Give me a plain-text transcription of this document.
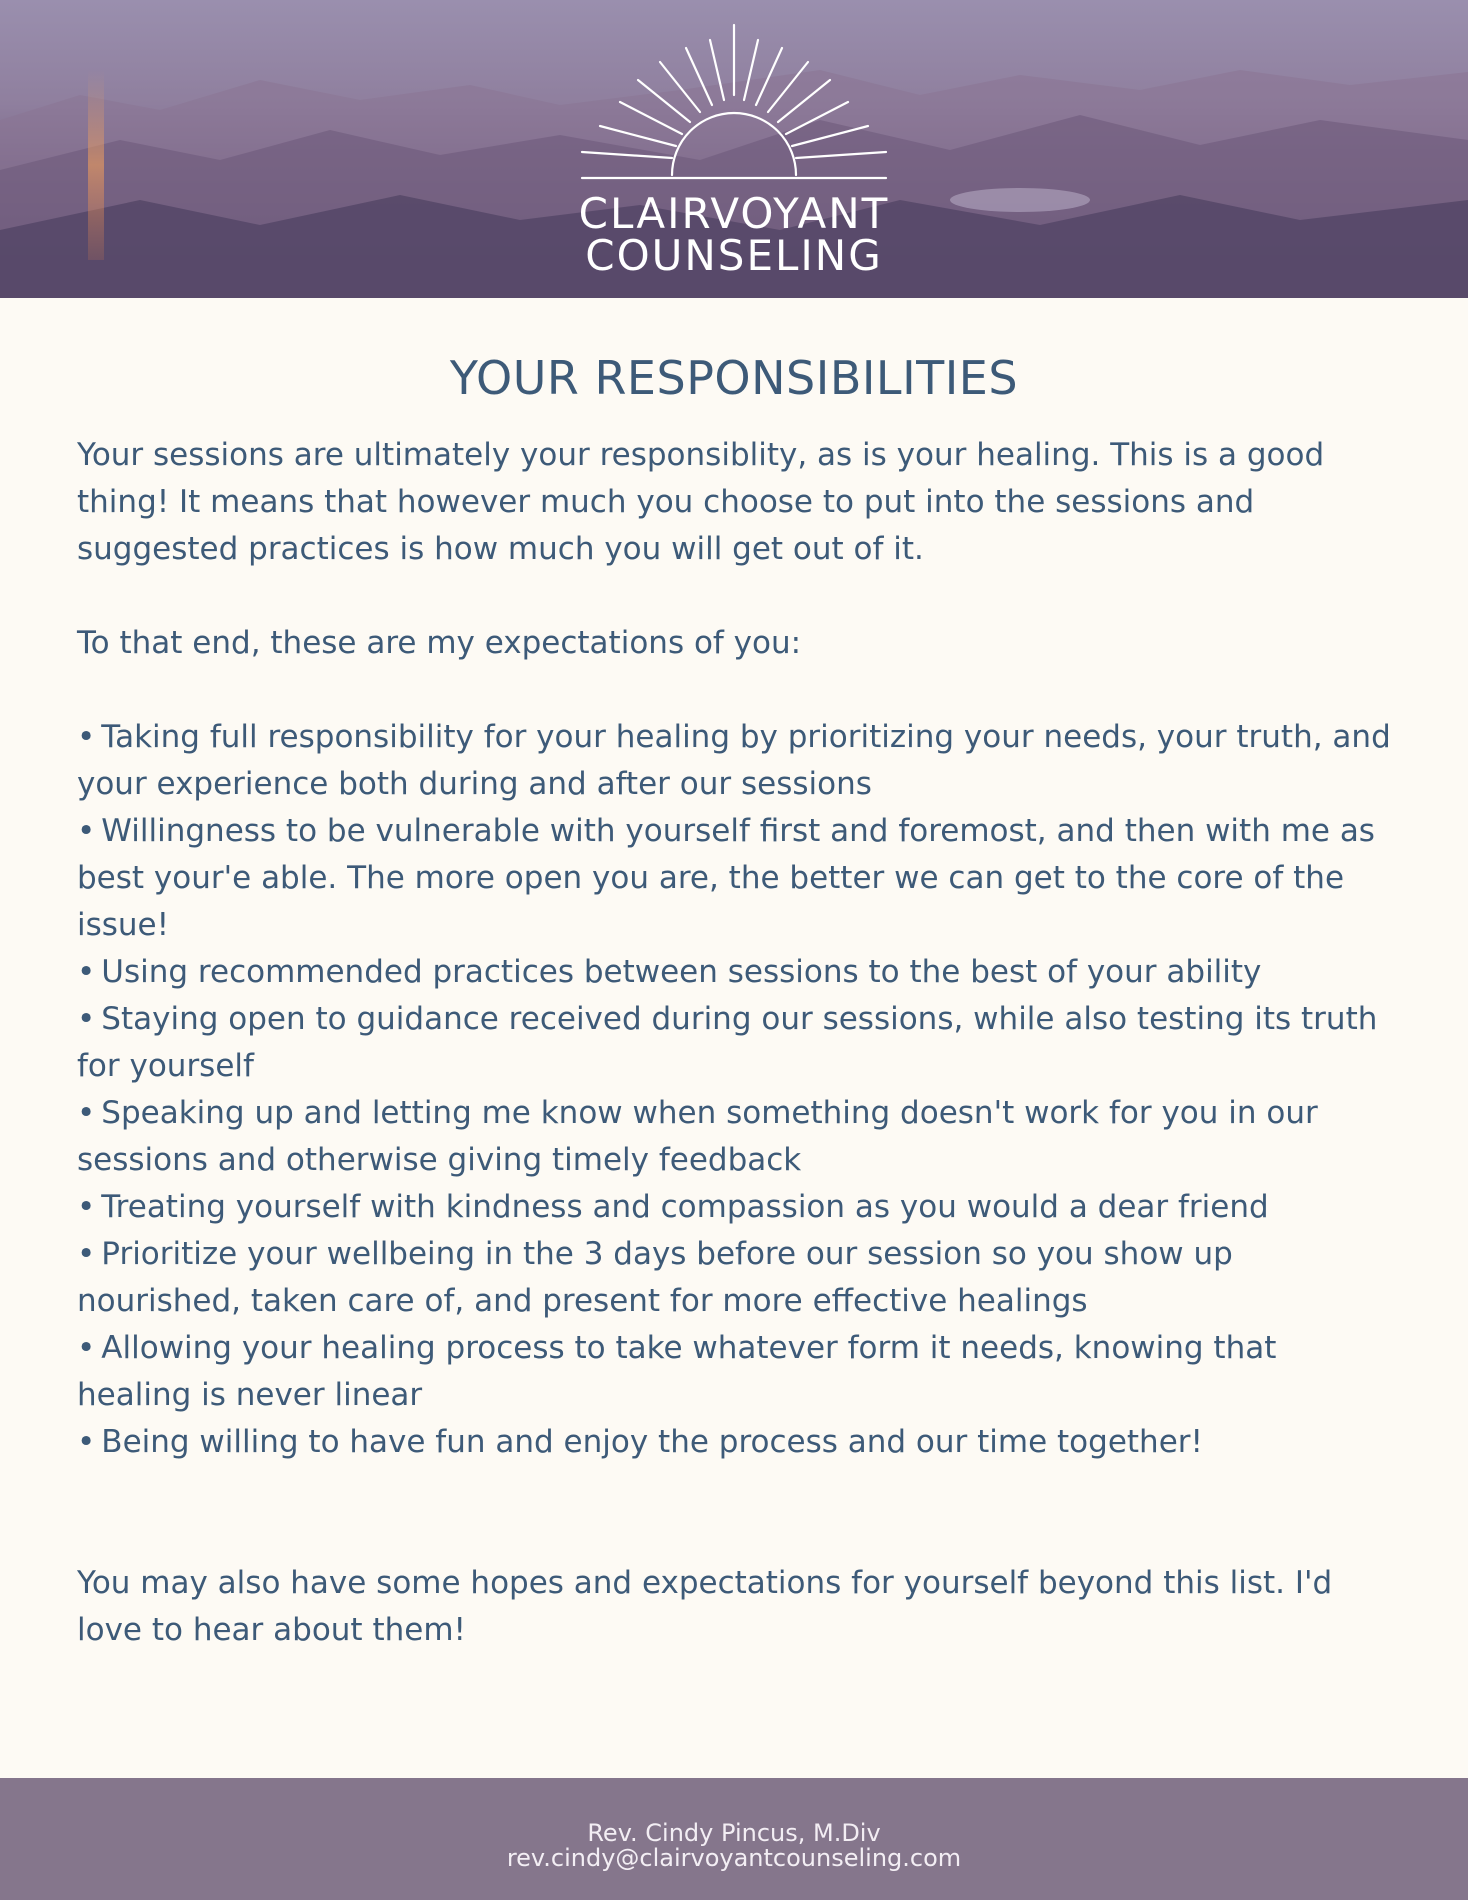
CLAIRVOYANT
COUNSELING
YOUR RESPONSIBILITIES

Your sessions are ultimately your responsiblity, as is your healing. This is a good thing! It means that however much you choose to put into the sessions and suggested practices is how much you will get out of it.

To that end, these are my expectations of you:

• Taking full responsibility for your healing by prioritizing your needs, your truth, and your experience both during and after our sessions
• Willingness to be vulnerable with yourself first and foremost, and then with me as best your'e able. The more open you are, the better we can get to the core of the issue!
• Using recommended practices between sessions to the best of your ability
• Staying open to guidance received during our sessions, while also testing its truth for yourself
• Speaking up and letting me know when something doesn't work for you in our sessions and otherwise giving timely feedback
• Treating yourself with kindness and compassion as you would a dear friend
• Prioritize your wellbeing in the 3 days before our session so you show up nourished, taken care of, and present for more effective healings
• Allowing your healing process to take whatever form it needs, knowing that healing is never linear
• Being willing to have fun and enjoy the process and our time together!

You may also have some hopes and expectations for yourself beyond this list. I'd love to hear about them!

Rev. Cindy Pincus, M.Div

rev.cindy@clairvoyantcounseling.com
